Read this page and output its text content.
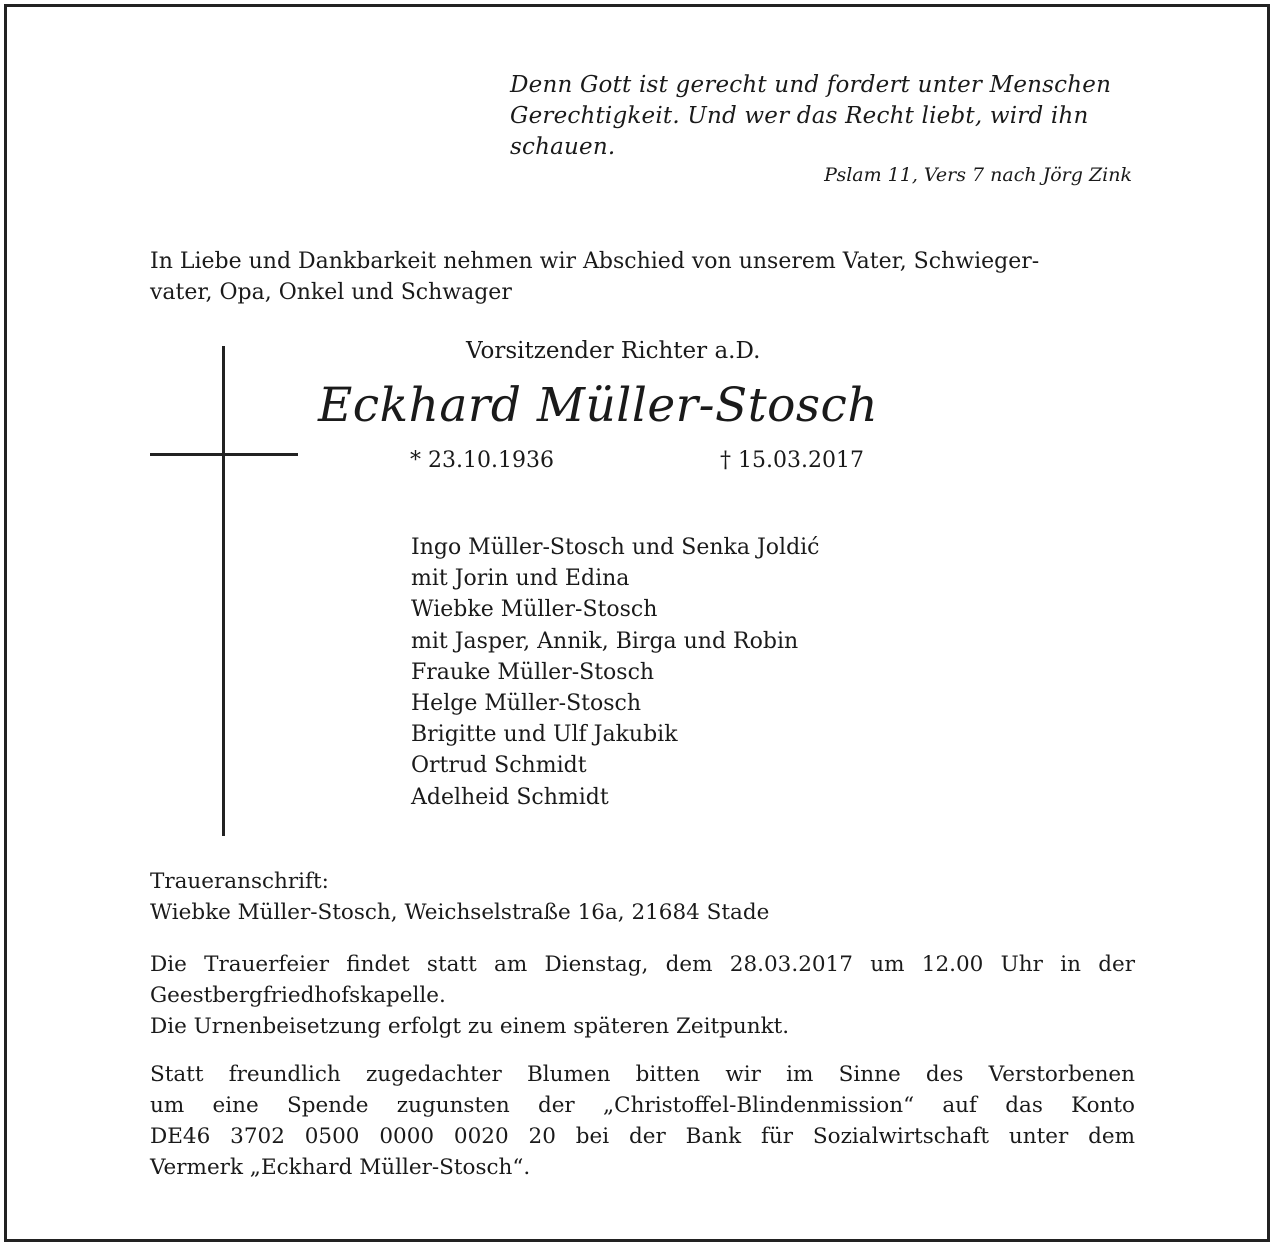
Denn Gott ist gerecht und fordert unter Menschen
Gerechtigkeit. Und wer das Recht liebt, wird ihn
schauen.
Pslam 11, Vers 7 nach Jörg Zink
In Liebe und Dankbarkeit nehmen wir Abschied von unserem Vater, Schwieger-
vater, Opa, Onkel und Schwager
Vorsitzender Richter a.D.
Eckhard Müller-Stosch
* 23.10.1936	† 15.03.2017
Ingo Müller-Stosch und Senka Joldić
mit Jorin und Edina
Wiebke Müller-Stosch
mit Jasper, Annik, Birga und Robin
Frauke Müller-Stosch
Helge Müller-Stosch
Brigitte und Ulf Jakubik
Ortrud Schmidt
Adelheid Schmidt
Traueranschrift:
Wiebke Müller-Stosch, Weichselstraße 16a, 21684 Stade
Die Trauerfeier findet statt am Dienstag, dem 28.03.2017 um 12.00 Uhr in der
Geestbergfriedhofskapelle.
Die Urnenbeisetzung erfolgt zu einem späteren Zeitpunkt.
Statt freundlich zugedachter Blumen bitten wir im Sinne des Verstorbenen
um eine Spende zugunsten der „Christoffel-Blindenmission“ auf das Konto
DE46 3702 0500 0000 0020 20 bei der Bank für Sozialwirtschaft unter dem
Vermerk „Eckhard Müller-Stosch“.
